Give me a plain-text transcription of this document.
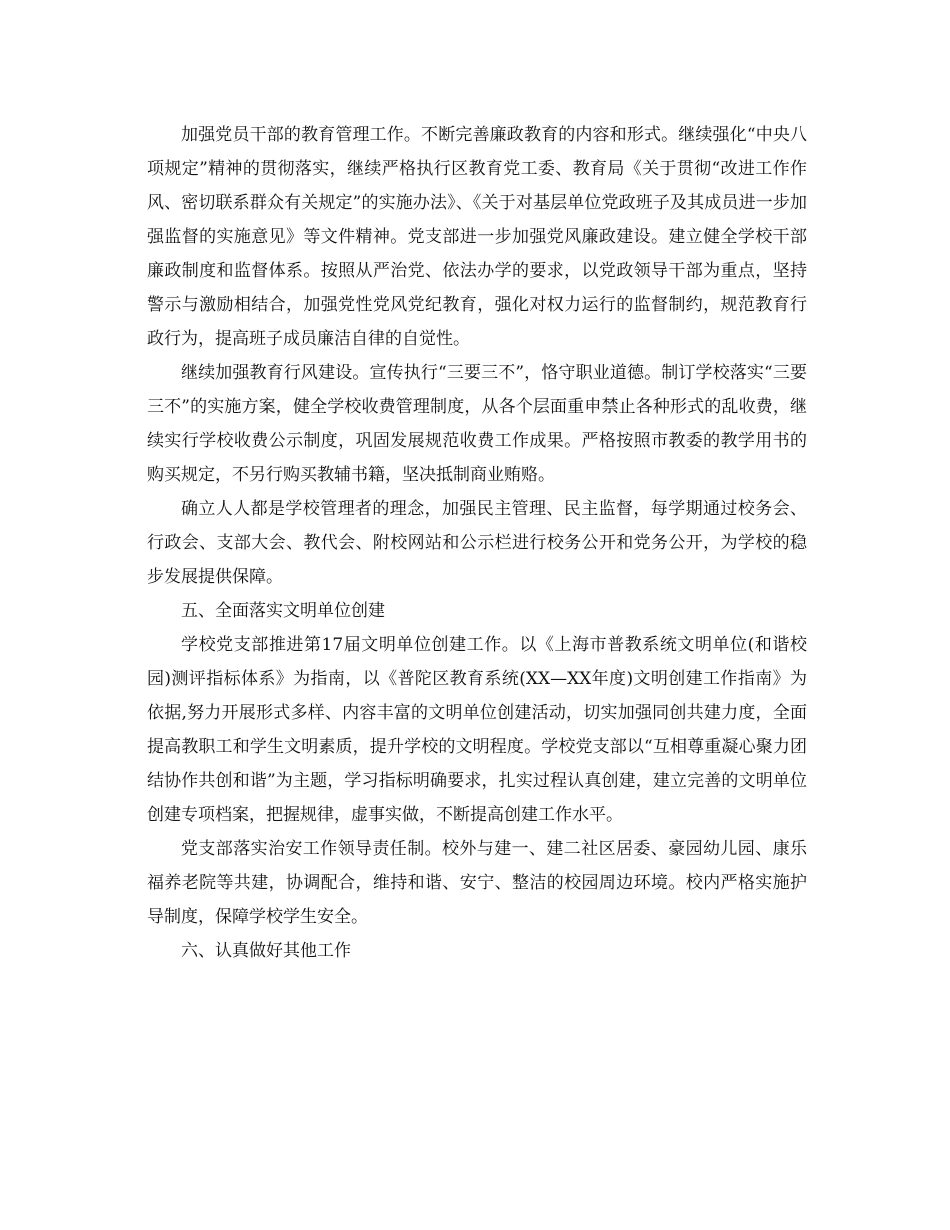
加强党员干部的教育管理工作。不断完善廉政教育的内容和形式。继续强化“中央八项规定”精神的贯彻落实，继续严格执行区教育党工委、教育局《关于贯彻“改进工作作风、密切联系群众有关规定”的实施办法》、《关于对基层单位党政班子及其成员进一步加强监督的实施意见》等文件精神。党支部进一步加强党风廉政建设。建立健全学校干部廉政制度和监督体系。按照从严治党、依法办学的要求，以党政领导干部为重点，坚持警示与激励相结合，加强党性党风党纪教育，强化对权力运行的监督制约，规范教育行政行为，提高班子成员廉洁自律的自觉性。

继续加强教育行风建设。宣传执行“三要三不”，恪守职业道德。制订学校落实“三要三不”的实施方案，健全学校收费管理制度，从各个层面重申禁止各种形式的乱收费，继续实行学校收费公示制度，巩固发展规范收费工作成果。严格按照市教委的教学用书的购买规定，不另行购买教辅书籍，坚决抵制商业贿赂。

确立人人都是学校管理者的理念，加强民主管理、民主监督，每学期通过校务会、行政会、支部大会、教代会、附校网站和公示栏进行校务公开和党务公开，为学校的稳步发展提供保障。

五、全面落实文明单位创建

学校党支部推进第17届文明单位创建工作。以《上海市普教系统文明单位(和谐校园)测评指标体系》为指南，以《普陀区教育系统(XX—XX年度)文明创建工作指南》为依据,努力开展形式多样、内容丰富的文明单位创建活动，切实加强同创共建力度，全面提高教职工和学生文明素质，提升学校的文明程度。学校党支部以“互相尊重凝心聚力团结协作共创和谐”为主题，学习指标明确要求，扎实过程认真创建，建立完善的文明单位创建专项档案，把握规律，虚事实做，不断提高创建工作水平。

党支部落实治安工作领导责任制。校外与建一、建二社区居委、豪园幼儿园、康乐福养老院等共建，协调配合，维持和谐、安宁、整洁的校园周边环境。校内严格实施护导制度，保障学校学生安全。

六、认真做好其他工作
